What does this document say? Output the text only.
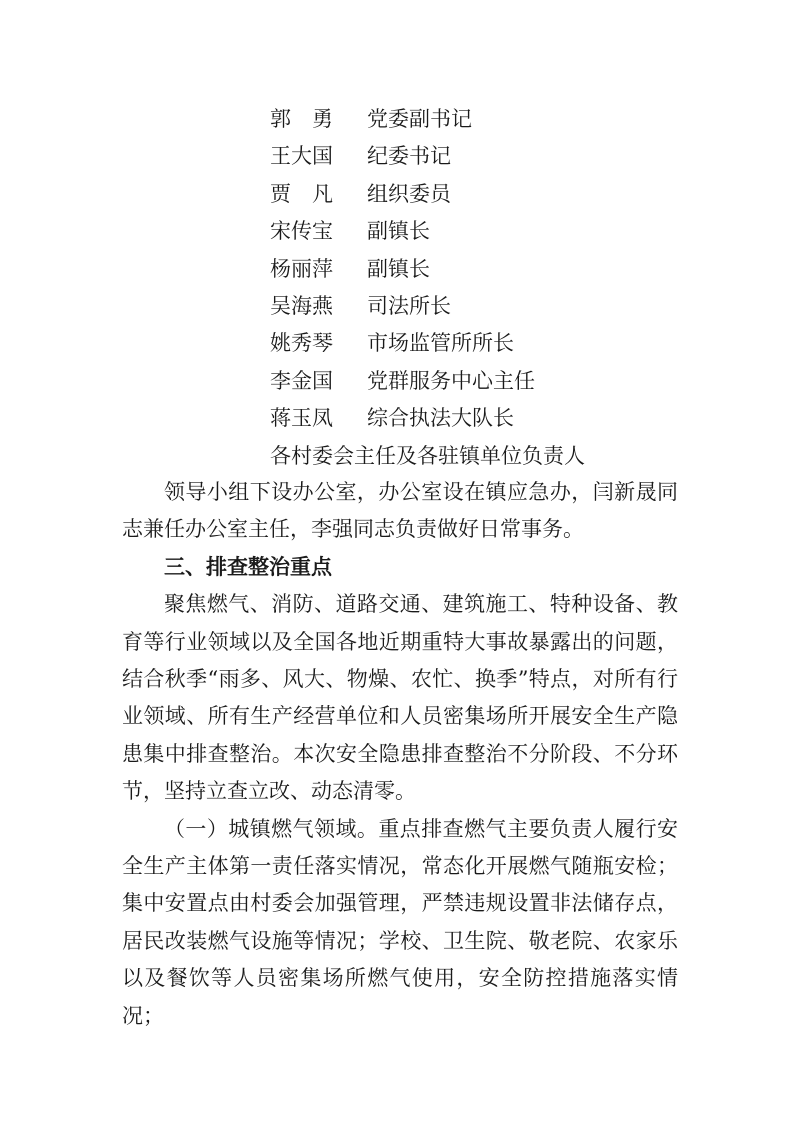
郭勇 党委副书记
王大国 纪委书记
贾凡 组织委员
宋传宝 副镇长
杨丽萍 副镇长
吴海燕 司法所长
姚秀琴 市场监管所所长
李金国 党群服务中心主任
蒋玉凤 综合执法大队长
各村委会主任及各驻镇单位负责人

领导小组下设办公室，办公室设在镇应急办，闫新晟同志兼任办公室主任，李强同志负责做好日常事务。

三、排查整治重点

聚焦燃气、消防、道路交通、建筑施工、特种设备、教育等行业领域以及全国各地近期重特大事故暴露出的问题，结合秋季“雨多、风大、物燥、农忙、换季”特点，对所有行业领域、所有生产经营单位和人员密集场所开展安全生产隐患集中排查整治。本次安全隐患排查整治不分阶段、不分环节，坚持立查立改、动态清零。

（一）城镇燃气领域。重点排查燃气主要负责人履行安全生产主体第一责任落实情况，常态化开展燃气随瓶安检；集中安置点由村委会加强管理，严禁违规设置非法储存点，居民改装燃气设施等情况；学校、卫生院、敬老院、农家乐以及餐饮等人员密集场所燃气使用，安全防控措施落实情况；
